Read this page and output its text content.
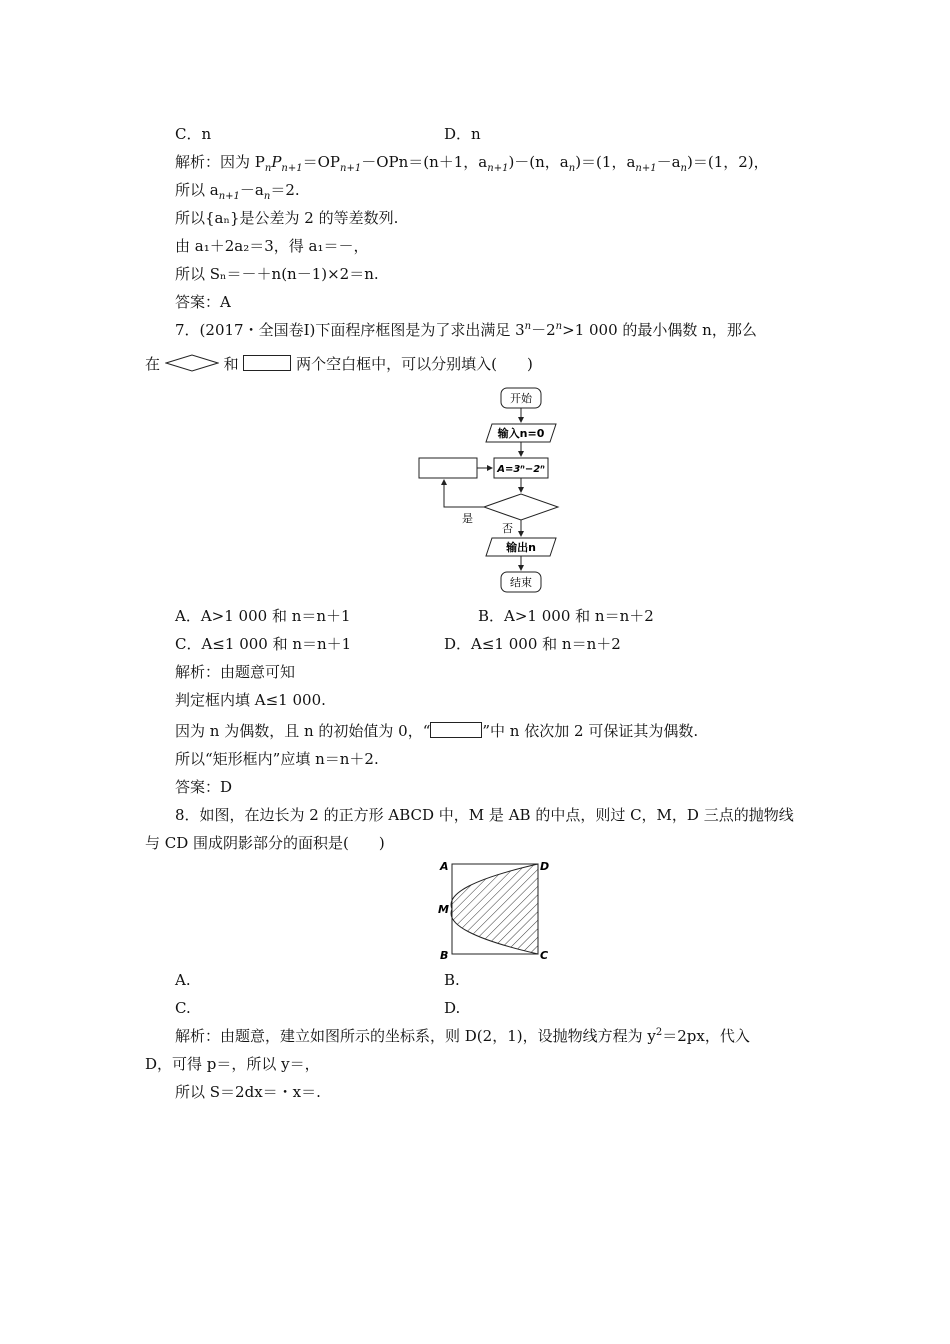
C．n	D．n
解析：因为 $P_nP_{n+1}=OP_{n+1}-OPn=(n+1$，$a_{n+1})-(n$，$a_n)=(1$，$a_{n+1}-a_n)=(1$，2)，
所以 $a_{n+1}-a_n=2$.
所以{aₙ}是公差为 2 的等差数列.
由 a₁＋2a₂＝3，得 a₁＝－，
所以 Sₙ＝－＋n(n－1)×2＝n.
答案：A
7．(2017・全国卷Ⅰ)下面程序框图是为了求出满足 $3^n-2^n>1$ 000 的最小偶数 n，那么
在	和	两个空白框中，可以分别填入(　　)
开始
输入n=0
A=3ⁿ−2ⁿ
是
否
输出n
结束
A．A>1 000 和 n＝n＋1	B．A>1 000 和 n＝n＋2
C．A≤1 000 和 n＝n＋1	D．A≤1 000 和 n＝n＋2
解析：由题意可知
判定框内填 A≤1 000.
因为 n 为偶数，且 n 的初始值为 0，“	”中 n 依次加 2 可保证其为偶数.
所以“矩形框内”应填 n＝n＋2.
答案：D
8．如图，在边长为 2 的正方形 ABCD 中，M 是 AB 的中点，则过 C，M，D 三点的抛物线
与 CD 围成阴影部分的面积是(　　)
A	D
M
B	C
A.	B.
C.	D.
解析：由题意，建立如图所示的坐标系，则 D(2，1)，设抛物线方程为 $y^2=2px$，代入
D，可得 p＝，所以 y＝，
所以 S＝2dx＝・x＝.
